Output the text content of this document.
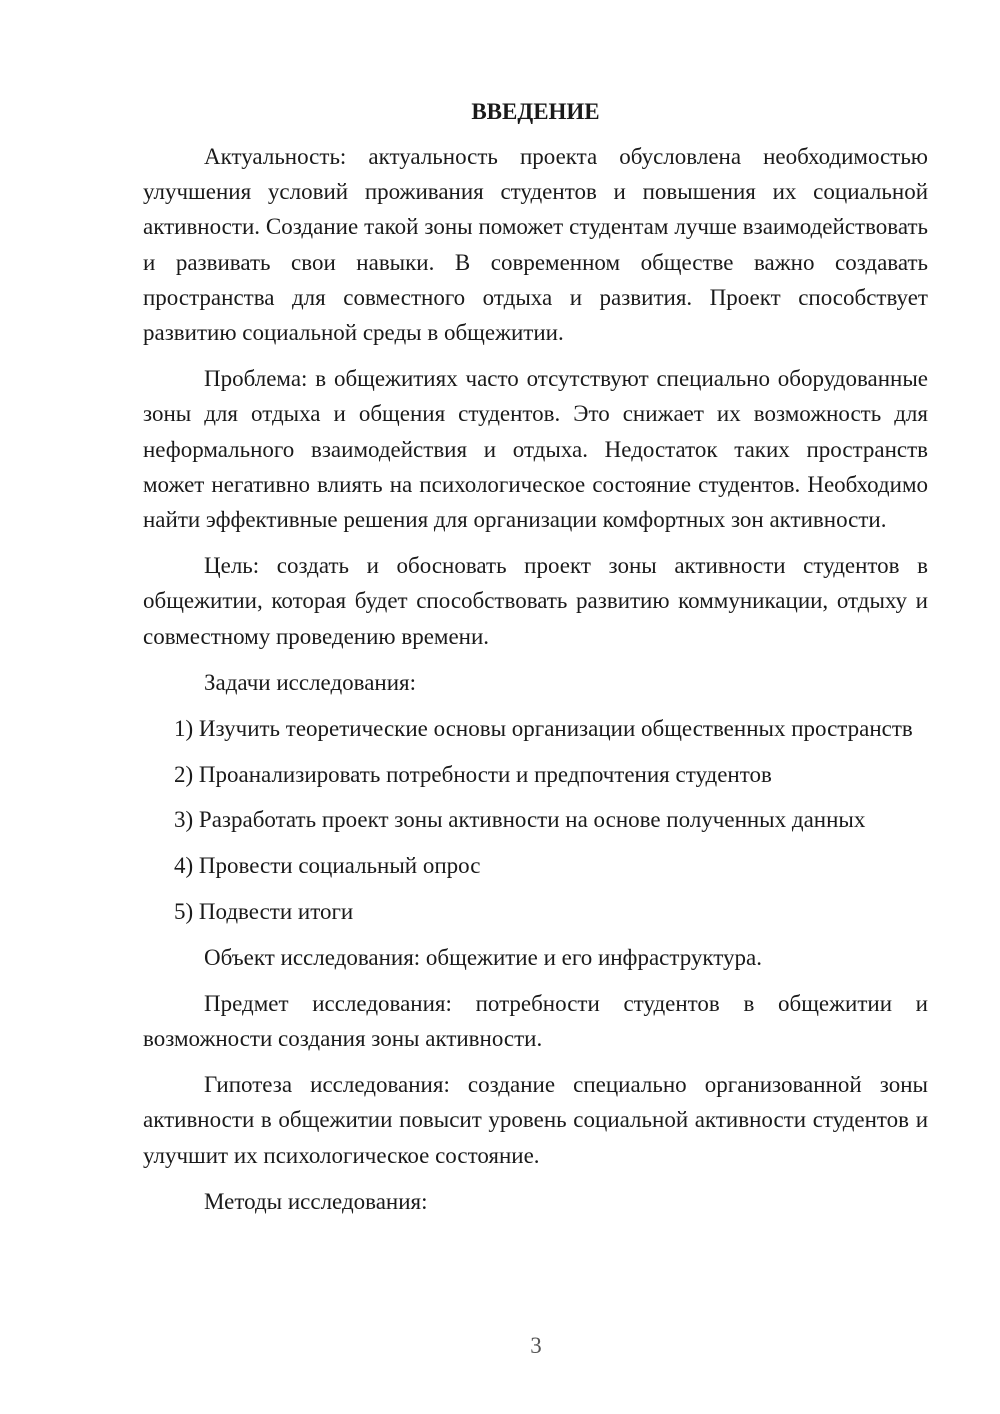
ВВЕДЕНИЕ

Актуальность: актуальность проекта обусловлена необходимостью улучшения условий проживания студентов и повышения их социальной активности. Создание такой зоны поможет студентам лучше взаимодействовать и развивать свои навыки. В современном обществе важно создавать пространства для совместного отдыха и развития. Проект способствует развитию социальной среды в общежитии.

Проблема: в общежитиях часто отсутствуют специально оборудованные зоны для отдыха и общения студентов. Это снижает их возможность для неформального взаимодействия и отдыха. Недостаток таких пространств может негативно влиять на психологическое состояние студентов. Необходимо найти эффективные решения для организации комфортных зон активности.

Цель: создать и обосновать проект зоны активности студентов в общежитии, которая будет способствовать развитию коммуникации, отдыху и совместному проведению времени.

Задачи исследования:

1) Изучить теоретические основы организации общественных пространств

2) Проанализировать потребности и предпочтения студентов

3) Разработать проект зоны активности на основе полученных данных

4) Провести социальный опрос

5) Подвести итоги

Объект исследования: общежитие и его инфраструктура.

Предмет исследования: потребности студентов в общежитии и возможности создания зоны активности.

Гипотеза исследования: создание специально организованной зоны активности в общежитии повысит уровень социальной активности студентов и улучшит их психологическое состояние.

Методы исследования:

3
